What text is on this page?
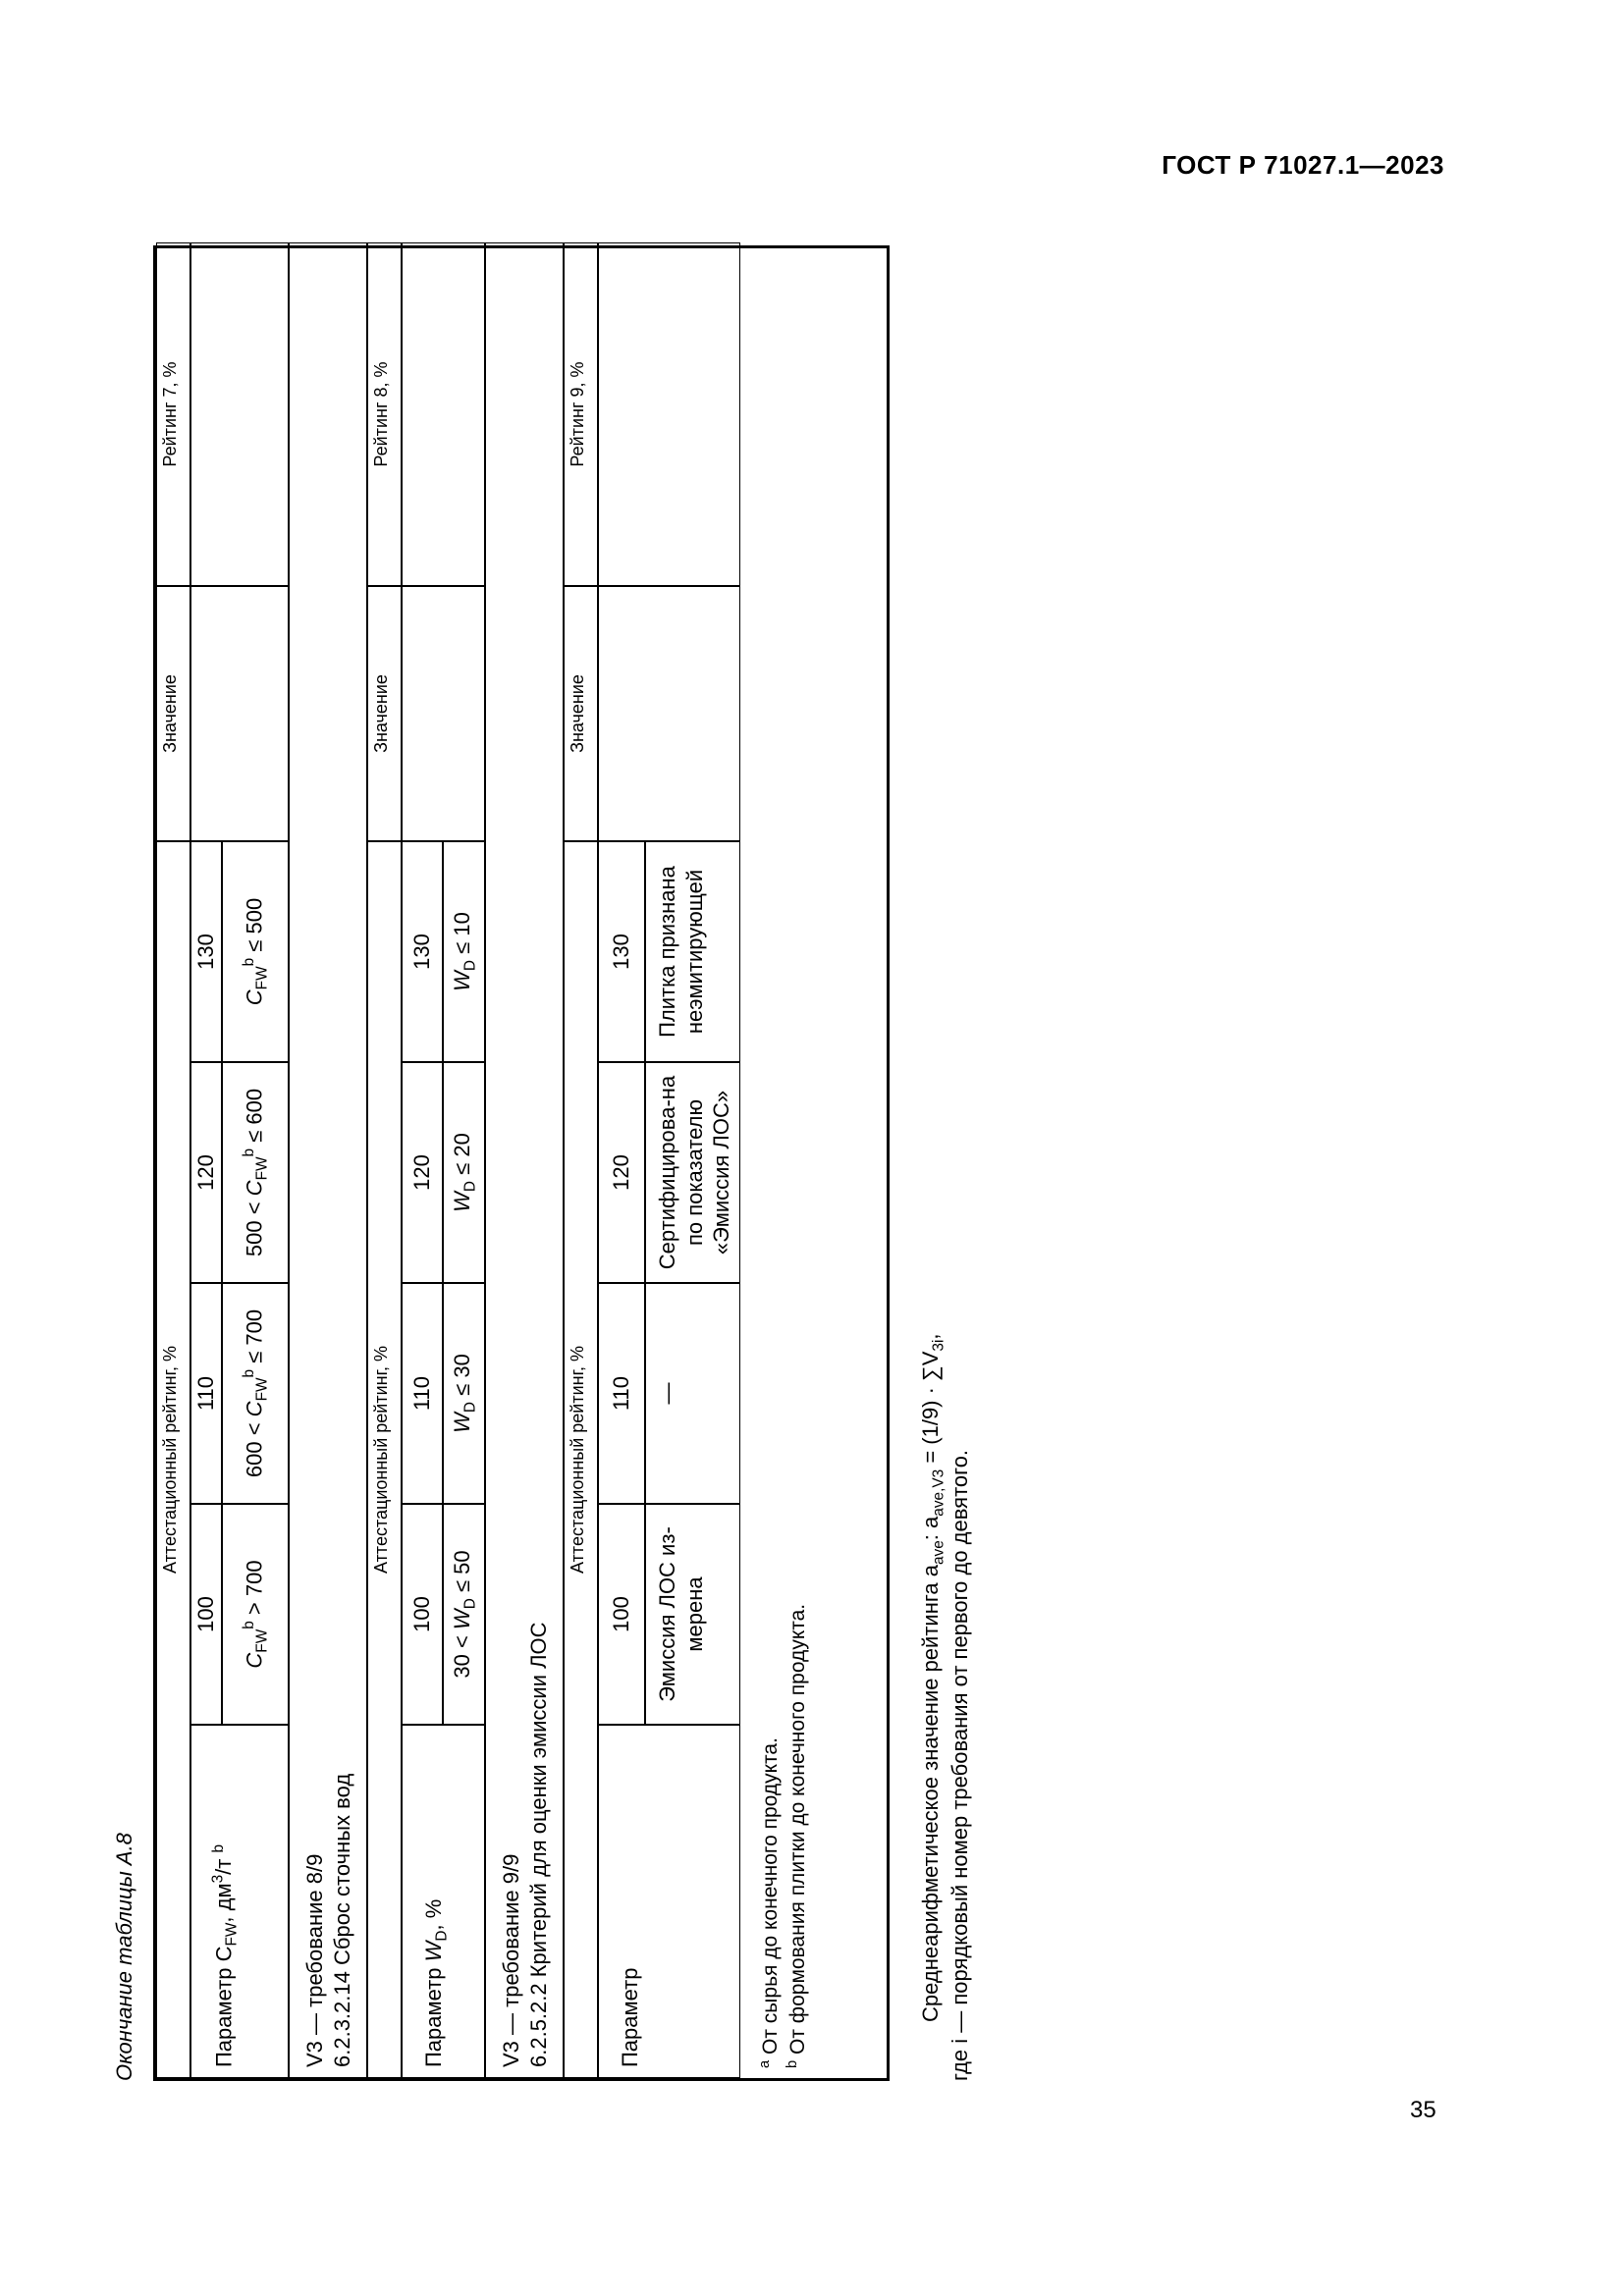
ГОСТ Р 71027.1—2023
35
Окончание таблицы А.8
Аттестационный рейтинг, %
Значение
Рейтинг 7, %
Параметр $C_{FW}$, $дм^3/т$ $^b$
100
110
120
130
$C_{FW}^b > 700$
$600 < C_{FW}^b \le 700$
$500 < C_{FW}^b \le 600$
$C_{FW}^b \le 500$
V3 — требование 8/9 6.2.3.2.14 Сброс сточных вод
Аттестационный рейтинг, %
Значение
Рейтинг 8, %
Параметр $W_D$, %
100
110
120
130
$30 < W_D \le 50$
$W_D \le 30$
$W_D \le 20$
$W_D \le 10$
V3 — требование 9/9 6.2.5.2.2 Критерий для оценки эмиссии ЛОС
Аттестационный рейтинг, %
Значение
Рейтинг 9, %
Параметр
100
110
120
130
Эмиссия ЛОС из-мерена
—
Сертифицирова-на по показателю «Эмиссия ЛОС»
Плитка признана неэмитирующей
$^a$ От сырья до конечного продукта.
$^b$ От формования плитки до конечного продукта.	Среднеарифметическое значение рейтинга $a_{ave}$: $a_{ave,V3} = (1/9) \cdot \sum V_{3i}$,
где i — порядковый номер требования от первого до девятого.
